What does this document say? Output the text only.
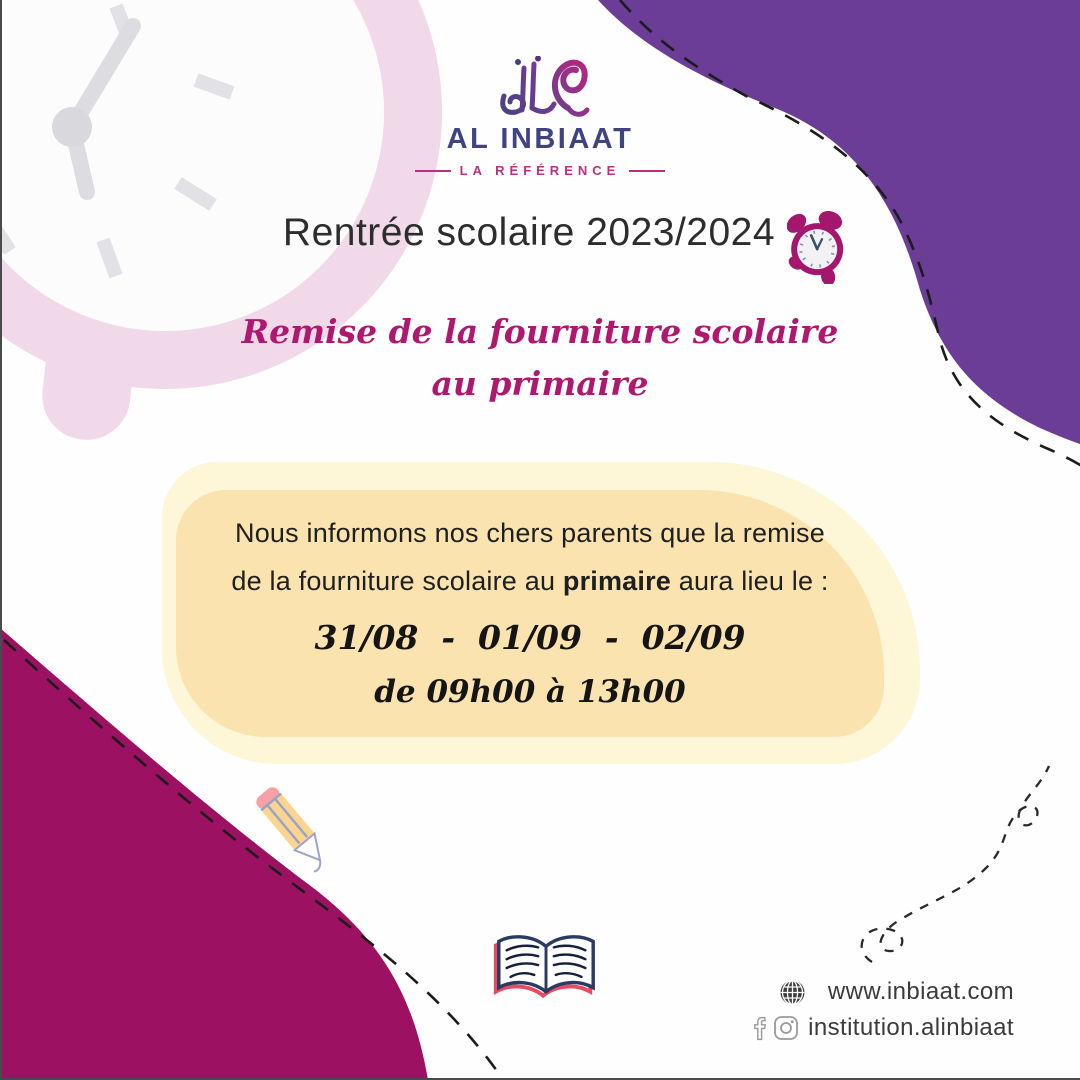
AL INBIAAT
LA RÉFÉRENCE
Rentrée scolaire 2023/2024
Remise de la fourniture scolaire
au primaire
Nous informons nos chers parents que la remise
de la fourniture scolaire au primaire aura lieu le :
31/08  -  01/09  -  02/09
de 09h00 à 13h00
www.inbiaat.com
institution.alinbiaat
